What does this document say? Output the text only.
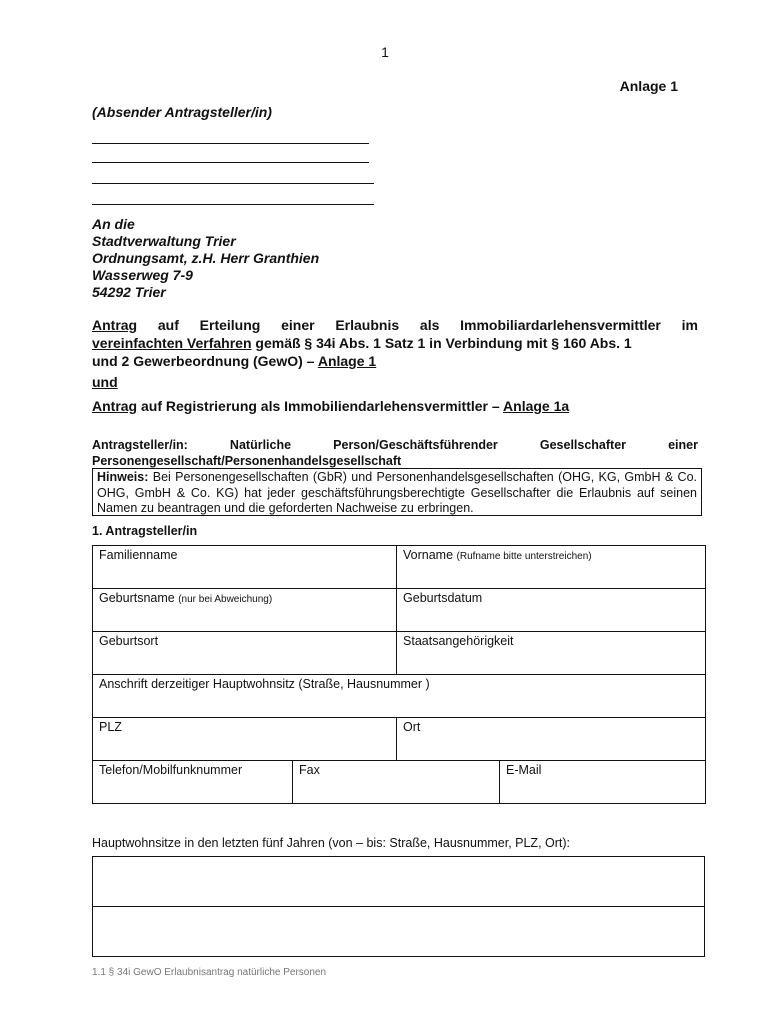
1
Anlage 1
(Absender Antragsteller/in)
An die
Stadtverwaltung Trier
Ordnungsamt, z.H. Herr Granthien
Wasserweg 7-9
54292 Trier
Antrag auf Erteilung einer Erlaubnis als Immobiliardarlehensvermittler im
vereinfachten Verfahren gemäß § 34i Abs. 1 Satz 1 in Verbindung mit § 160 Abs. 1
und 2 Gewerbeordnung (GewO) – Anlage 1
und
Antrag auf Registrierung als Immobiliendarlehensvermittler – Anlage 1a
Antragsteller/in: Natürliche Person/Geschäftsführender Gesellschafter einer
Personengesellschaft/Personenhandelsgesellschaft
Hinweis: Bei Personengesellschaften (GbR) und Personenhandelsgesellschaften (OHG, KG, GmbH & Co. OHG, GmbH & Co. KG) hat jeder geschäftsführungsberechtigte Gesellschafter die Erlaubnis auf seinen Namen zu beantragen und die geforderten Nachweise zu erbringen.
1. Antragsteller/in
Familienname		Vorname (Rufname bitte unterstreichen)	
Geburtsname (nur bei Abweichung)		Geburtsdatum	
Geburtsort		Staatsangehörigkeit	
Anschrift derzeitiger Hauptwohnsitz (Straße, Hausnummer )			
PLZ		Ort	
Telefon/Mobilfunknummer	Fax		E-Mail
Hauptwohnsitze in den letzten fünf Jahren (von – bis: Straße, Hausnummer, PLZ, Ort):

1.1 § 34i GewO Erlaubnisantrag natürliche Personen
